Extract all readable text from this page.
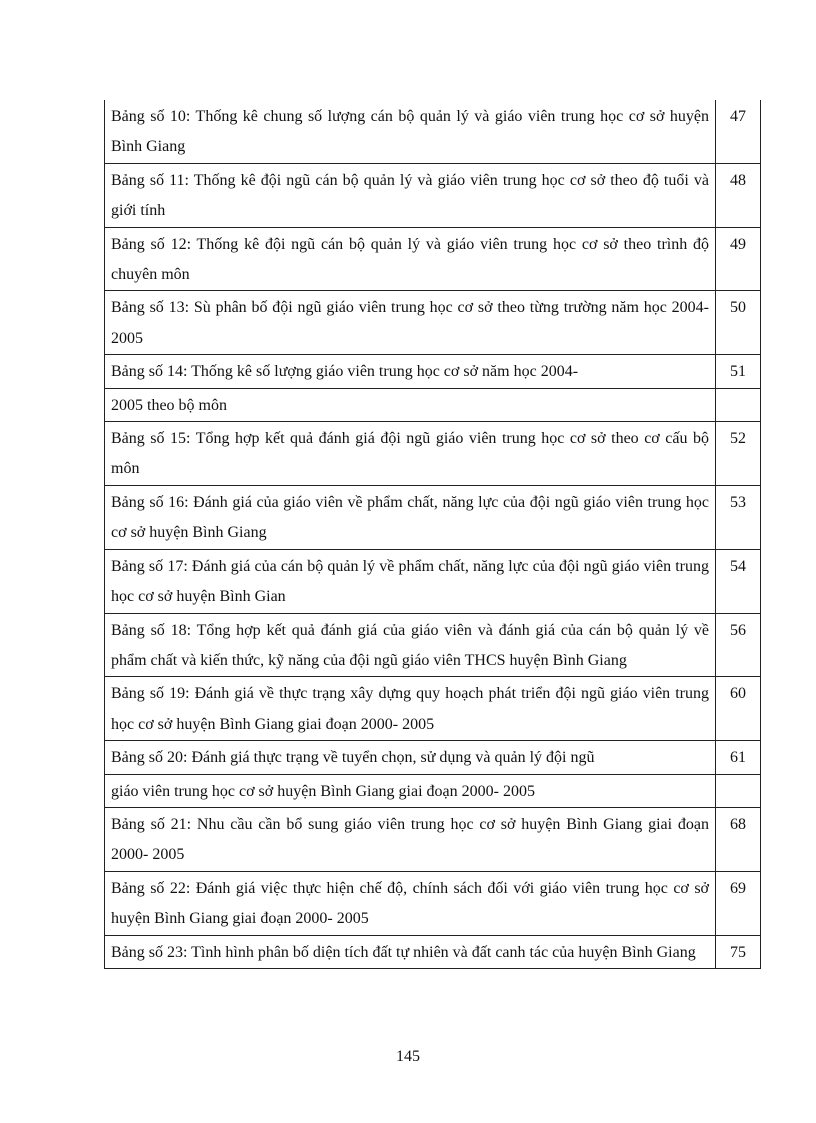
Bảng số 10: Thống kê chung số lượng cán bộ quản lý và giáo viên trung học cơ sở huyện Bình Giang	47
Bảng số 11: Thống kê đội ngũ cán bộ quản lý và giáo viên trung học cơ sở theo độ tuổi và giới tính	48
Bảng số 12: Thống kê đội ngũ cán bộ quản lý và giáo viên trung học cơ sở theo trình độ chuyên môn	49
Bảng số 13: Sù phân bố đội ngũ giáo viên trung học cơ sở theo từng trường năm học 2004- 2005	50
Bảng số 14: Thống kê số lượng giáo viên trung học cơ sở năm học 2004-	51
2005 theo bộ môn	
Bảng số 15: Tổng hợp kết quả đánh giá đội ngũ giáo viên trung học cơ sở theo cơ cấu bộ môn	52
Bảng số 16: Đánh giá của giáo viên về phẩm chất, năng lực của đội ngũ giáo viên trung học cơ sở huyện Bình Giang	53
Bảng số 17: Đánh giá của cán bộ quản lý về phẩm chất, năng lực của đội ngũ giáo viên trung học cơ sở huyện Bình Gian	54
Bảng số 18: Tổng hợp kết quả đánh giá của giáo viên và đánh giá của cán bộ quản lý về phẩm chất và kiến thức, kỹ năng của đội ngũ giáo viên THCS huyện Bình Giang	56
Bảng số 19: Đánh giá về thực trạng xây dựng quy hoạch phát triển đội ngũ giáo viên trung học cơ sở huyện Bình Giang giai đoạn 2000- 2005	60
Bảng số 20: Đánh giá thực trạng về tuyển chọn, sử dụng và quản lý đội ngũ	61
giáo viên trung học cơ sở huyện Bình Giang giai đoạn 2000- 2005	
Bảng số 21: Nhu cầu cần bổ sung giáo viên trung học cơ sở huyện Bình Giang giai đoạn 2000- 2005	68
Bảng số 22: Đánh giá việc thực hiện chế độ, chính sách đối với giáo viên trung học cơ sở huyện Bình Giang giai đoạn 2000- 2005	69
Bảng số 23: Tình hình phân bố diện tích đất tự nhiên và đất canh tác của huyện Bình Giang	75
145
